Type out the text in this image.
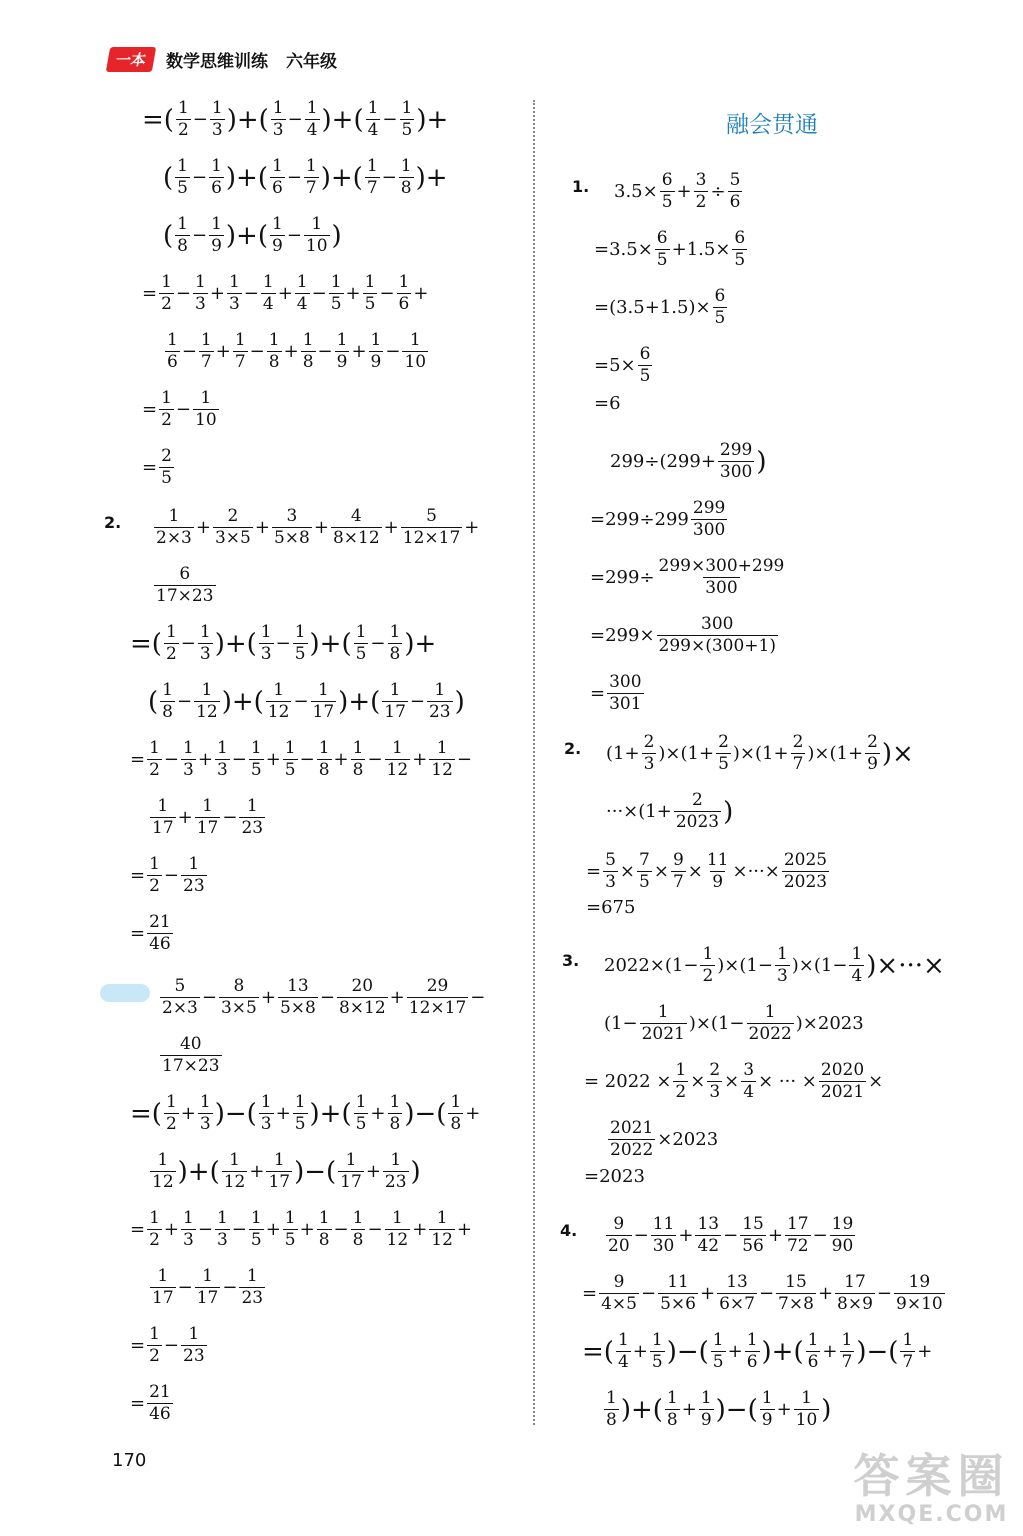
一本	数学思维训练 六年级
融会贯通
2.
1.
2.
3.
4.
=( $\frac{1}{2} - \frac{1}{3}$ )+( $\frac{1}{3} - \frac{1}{4}$ )+( $\frac{1}{4} - \frac{1}{5}$ )+
( $\frac{1}{5} - \frac{1}{6}$ )+( $\frac{1}{6} - \frac{1}{7}$ )+( $\frac{1}{7} - \frac{1}{8}$ )+
( $\frac{1}{8} - \frac{1}{9}$ )+( $\frac{1}{9} - \frac{1}{10}$ )
= $\frac{1}{2} - \frac{1}{3} + \frac{1}{3} - \frac{1}{4} + \frac{1}{4} - \frac{1}{5} + \frac{1}{5} - \frac{1}{6}$ +
$\frac{1}{6} - \frac{1}{7} + \frac{1}{7} - \frac{1}{8} + \frac{1}{8} - \frac{1}{9} + \frac{1}{9} - \frac{1}{10}$
= $\frac{1}{2} - \frac{1}{10}$
= $\frac{2}{5}$
$\frac{1}{2\times 3} + \frac{2}{3\times 5} + \frac{3}{5\times 8} + \frac{4}{8\times 12} + \frac{5}{12\times 17}$ +
$\frac{6}{17\times 23}$
=( $\frac{1}{2} - \frac{1}{3}$ )+( $\frac{1}{3} - \frac{1}{5}$ )+( $\frac{1}{5} - \frac{1}{8}$ )+
( $\frac{1}{8} - \frac{1}{12}$ )+( $\frac{1}{12} - \frac{1}{17}$ )+( $\frac{1}{17} - \frac{1}{23}$ )
= $\frac{1}{2} - \frac{1}{3} + \frac{1}{3} - \frac{1}{5} + \frac{1}{5} - \frac{1}{8} + \frac{1}{8} - \frac{1}{12} + \frac{1}{12}$ −
$\frac{1}{17} + \frac{1}{17} - \frac{1}{23}$
= $\frac{1}{2} - \frac{1}{23}$
= $\frac{21}{46}$
$\frac{5}{2\times 3} - \frac{8}{3\times 5} + \frac{13}{5\times 8} - \frac{20}{8\times 12} + \frac{29}{12\times 17}$ −
$\frac{40}{17\times 23}$
=( $\frac{1}{2} + \frac{1}{3}$ )−( $\frac{1}{3} + \frac{1}{5}$ )+( $\frac{1}{5} + \frac{1}{8}$ )−( $\frac{1}{8}$ +
$\frac{1}{12}$ )+( $\frac{1}{12} + \frac{1}{17}$ )−( $\frac{1}{17} + \frac{1}{23}$ )
= $\frac{1}{2} + \frac{1}{3} - \frac{1}{3} - \frac{1}{5} + \frac{1}{5} + \frac{1}{8} - \frac{1}{8} - \frac{1}{12} + \frac{1}{12}$ +
$\frac{1}{17} - \frac{1}{17} - \frac{1}{23}$
= $\frac{1}{2} - \frac{1}{23}$
= $\frac{21}{46}$
$3.5\times \frac{6}{5} + \frac{3}{2} \div \frac{5}{6}$
$=3.5\times \frac{6}{5} +1.5\times \frac{6}{5}$
$=(3.5+1.5)\times \frac{6}{5}$
$=5\times \frac{6}{5}$
=6
$299\div(299+ \frac{299}{300}$ )
$=299\div 299 \frac{299}{300}$
$=299\div \frac{299\times 300+299}{300}$
$=299\times \frac{300}{299\times(300+1)}$
= $\frac{300}{301}$
$(1+ \frac{2}{3} )\times(1+ \frac{2}{5} )\times(1+ \frac{2}{7} )\times(1+ \frac{2}{9}$ )×
$\cdot\cdot\cdot\times(1+ \frac{2}{2023}$ )
= $\frac{5}{3} \times \frac{7}{5} \times \frac{9}{7} \times \frac{11}{9}$ ×···× $\frac{2025}{2023}$
=675
$2022\times(1- \frac{1}{2} )\times(1- \frac{1}{3} )\times(1- \frac{1}{4}$ )×···×
$(1- \frac{1}{2021} )\times(1- \frac{1}{2022} )\times 2023$
= $2022 \times \frac{1}{2} \times \frac{2}{3} \times \frac{3}{4}$ × ··· × $\frac{2020}{2021}$ ×
$\frac{2021}{2022} \times 2023$
=2023
$\frac{9}{20} - \frac{11}{30} + \frac{13}{42} - \frac{15}{56} + \frac{17}{72} - \frac{19}{90}$
= $\frac{9}{4\times 5} - \frac{11}{5\times 6} + \frac{13}{6\times 7} - \frac{15}{7\times 8} + \frac{17}{8\times 9} - \frac{19}{9\times 10}$
=( $\frac{1}{4} + \frac{1}{5}$ )−( $\frac{1}{5} + \frac{1}{6}$ )+( $\frac{1}{6} + \frac{1}{7}$ )−( $\frac{1}{7}$ +
$\frac{1}{8}$ )+( $\frac{1}{8} + \frac{1}{9}$ )−( $\frac{1}{9} + \frac{1}{10}$ )
170	答案圈
MXQE.COM
